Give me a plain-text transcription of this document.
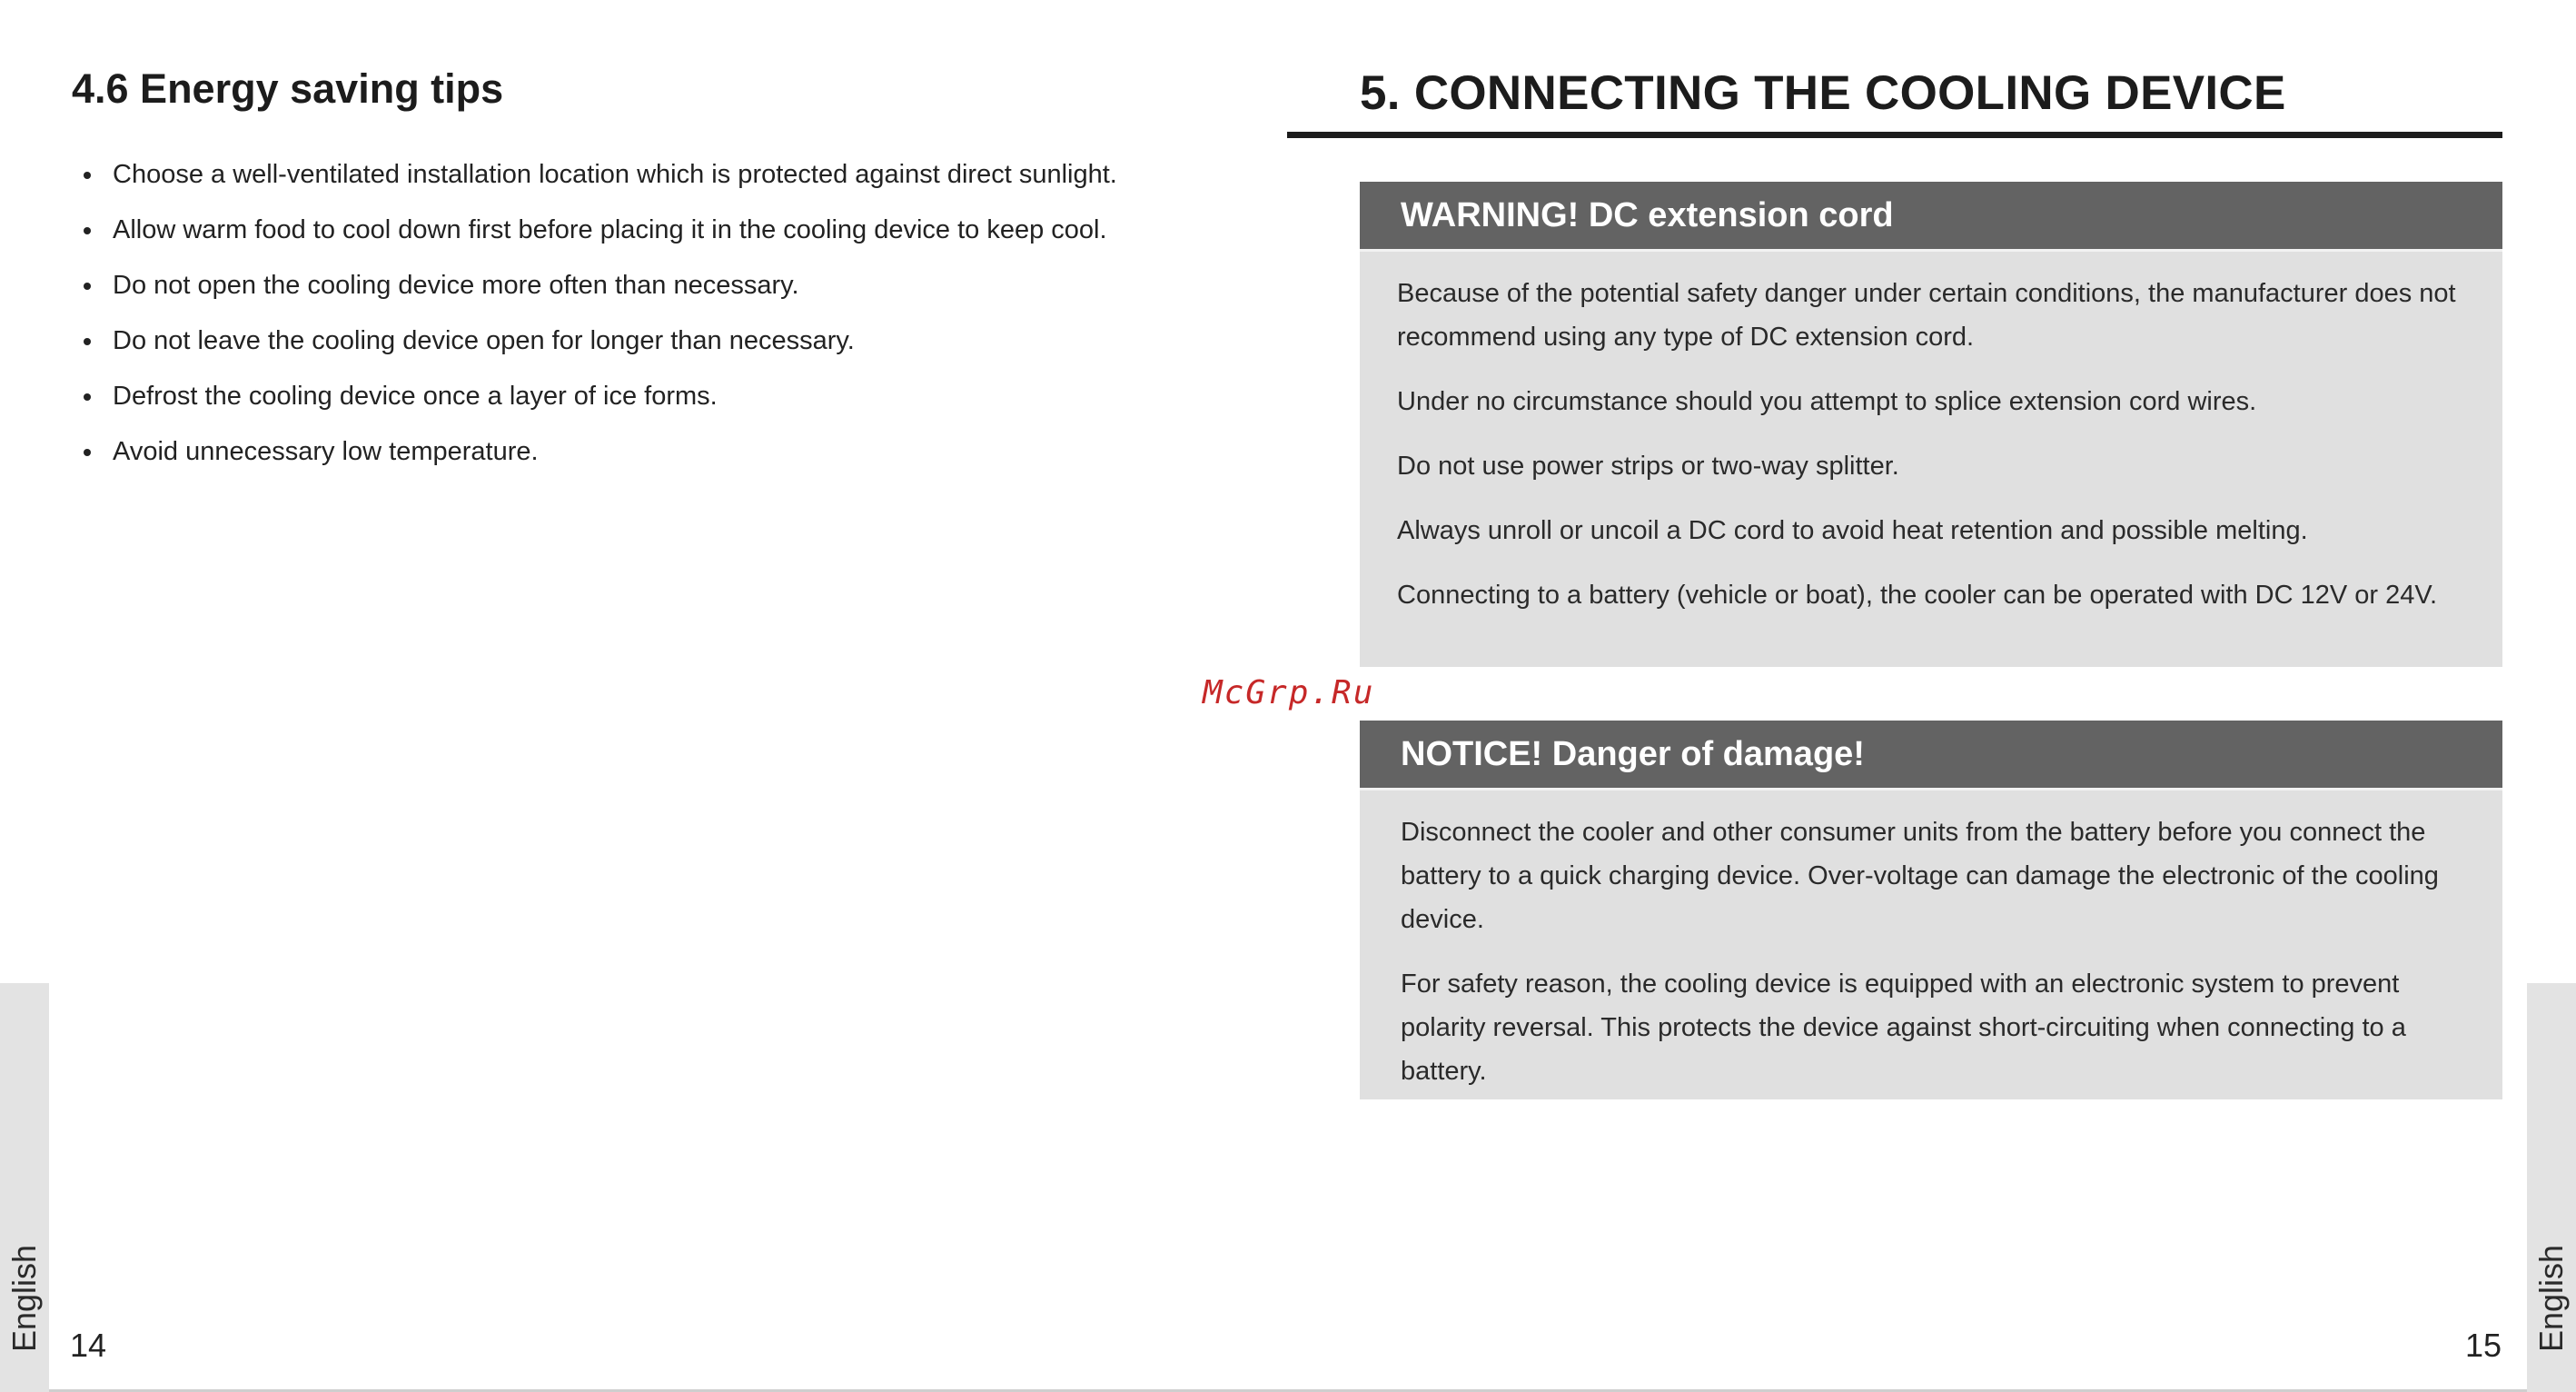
4.6 Energy saving tips
Choose a well-ventilated installation location which is protected against direct sunlight.
Allow warm food to cool down first before placing it in the cooling device to keep cool.
Do not open the cooling device more often than necessary.
Do not leave the cooling device open for longer than necessary.
Defrost the cooling device once a layer of ice forms.
Avoid unnecessary low temperature.
English 14
McGrp.Ru
5. CONNECTING THE COOLING DEVICE
WARNING! DC extension cord

Because of the potential safety danger under certain conditions, the manufacturer does not recommend using any type of DC extension cord.

Under no circumstance should you attempt to splice extension cord wires.

Do not use power strips or two-way splitter.

Always unroll or uncoil a DC cord to avoid heat retention and possible melting.

Connecting to a battery (vehicle or boat), the cooler can be operated with DC 12V or 24V.

NOTICE! Danger of damage!

Disconnect the cooler and other consumer units from the battery before you connect the battery to a quick charging device. Over-voltage can damage the electronic of the cooling device.

For safety reason, the cooling device is equipped with an electronic system to prevent polarity reversal. This protects the device against short-circuiting when connecting to a battery.

English
15
